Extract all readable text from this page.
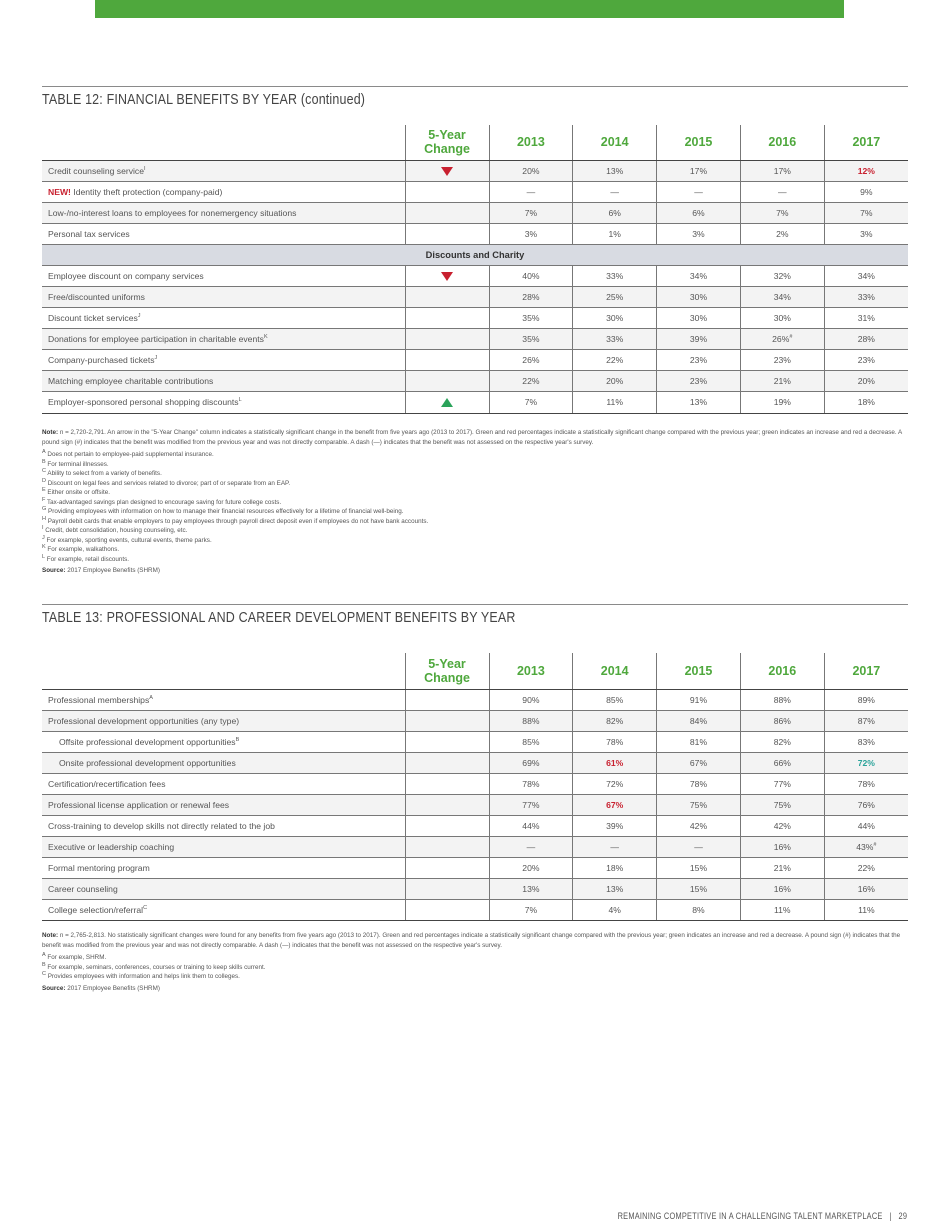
TABLE 12: FINANCIAL BENEFITS BY YEAR (continued)
	5-Year
Change	2013	2014	2015	2016	2017
Credit counseling service$^I$		20%	13%	17%	17%	12%
NEW! Identity theft protection (company-paid)		—	—	—	—	9%
Low-/no-interest loans to employees for nonemergency situations		7%	6%	6%	7%	7%
Personal tax services		3%	1%	3%	2%	3%
Discounts and Charity						
Employee discount on company services		40%	33%	34%	32%	34%
Free/discounted uniforms		28%	25%	30%	34%	33%
Discount ticket services$^J$		35%	30%	30%	30%	31%
Donations for employee participation in charitable events$^K$		35%	33%	39%	26%#	28%
Company-purchased tickets$^J$		26%	22%	23%	23%	23%
Matching employee charitable contributions		22%	20%	23%	21%	20%
Employer-sponsored personal shopping discounts$^L$		7%	11%	13%	19%	18%

Note: n = 2,720-2,791. An arrow in the "5-Year Change" column indicates a statistically significant change in the benefit from five years ago (2013 to 2017). Green and red percentages indicate a statistically significant change compared with the previous year; green indicates an increase and red a decrease. A pound sign (#) indicates that the benefit was modified from the previous year and was not directly comparable. A dash (—) indicates that the benefit was not assessed on the respective year's survey.

$^A$ Does not pertain to employee-paid supplemental insurance.

$^B$ For terminal illnesses.

$^C$ Ability to select from a variety of benefits.

$^D$ Discount on legal fees and services related to divorce; part of or separate from an EAP.

$^E$ Either onsite or offsite.

$^F$ Tax-advantaged savings plan designed to encourage saving for future college costs.

$^G$ Providing employees with information on how to manage their financial resources effectively for a lifetime of financial well-being.

$^H$ Payroll debit cards that enable employers to pay employees through payroll direct deposit even if employees do not have bank accounts.

$^I$ Credit, debt consolidation, housing counseling, etc.

$^J$ For example, sporting events, cultural events, theme parks.

$^K$ For example, walkathons.

$^L$ For example, retail discounts.

Source: 2017 Employee Benefits (SHRM)

TABLE 13: PROFESSIONAL AND CAREER DEVELOPMENT BENEFITS BY YEAR
	5-Year
Change	2013	2014	2015	2016	2017
Professional memberships$^A$		90%	85%	91%	88%	89%
Professional development opportunities (any type)		88%	82%	84%	86%	87%
Offsite professional development opportunities$^B$		85%	78%	81%	82%	83%
Onsite professional development opportunities		69%	61%	67%	66%	72%
Certification/recertification fees		78%	72%	78%	77%	78%
Professional license application or renewal fees		77%	67%	75%	75%	76%
Cross-training to develop skills not directly related to the job		44%	39%	42%	42%	44%
Executive or leadership coaching		—	—	—	16%	43%#
Formal mentoring program		20%	18%	15%	21%	22%
Career counseling		13%	13%	15%	16%	16%
College selection/referral$^C$		7%	4%	8%	11%	11%

Note: n = 2,765-2,813. No statistically significant changes were found for any benefits from five years ago (2013 to 2017). Green and red percentages indicate a statistically significant change compared with the previous year; green indicates an increase and red a decrease. A pound sign (#) indicates that the benefit was modified from the previous year and was not directly comparable. A dash (—) indicates that the benefit was not assessed on the respective year's survey.

$^A$ For example, SHRM.

$^B$ For example, seminars, conferences, courses or training to keep skills current.

$^C$ Provides employees with information and helps link them to colleges.

Source: 2017 Employee Benefits (SHRM)

REMAINING COMPETITIVE IN A CHALLENGING TALENT MARKETPLACE | 29
